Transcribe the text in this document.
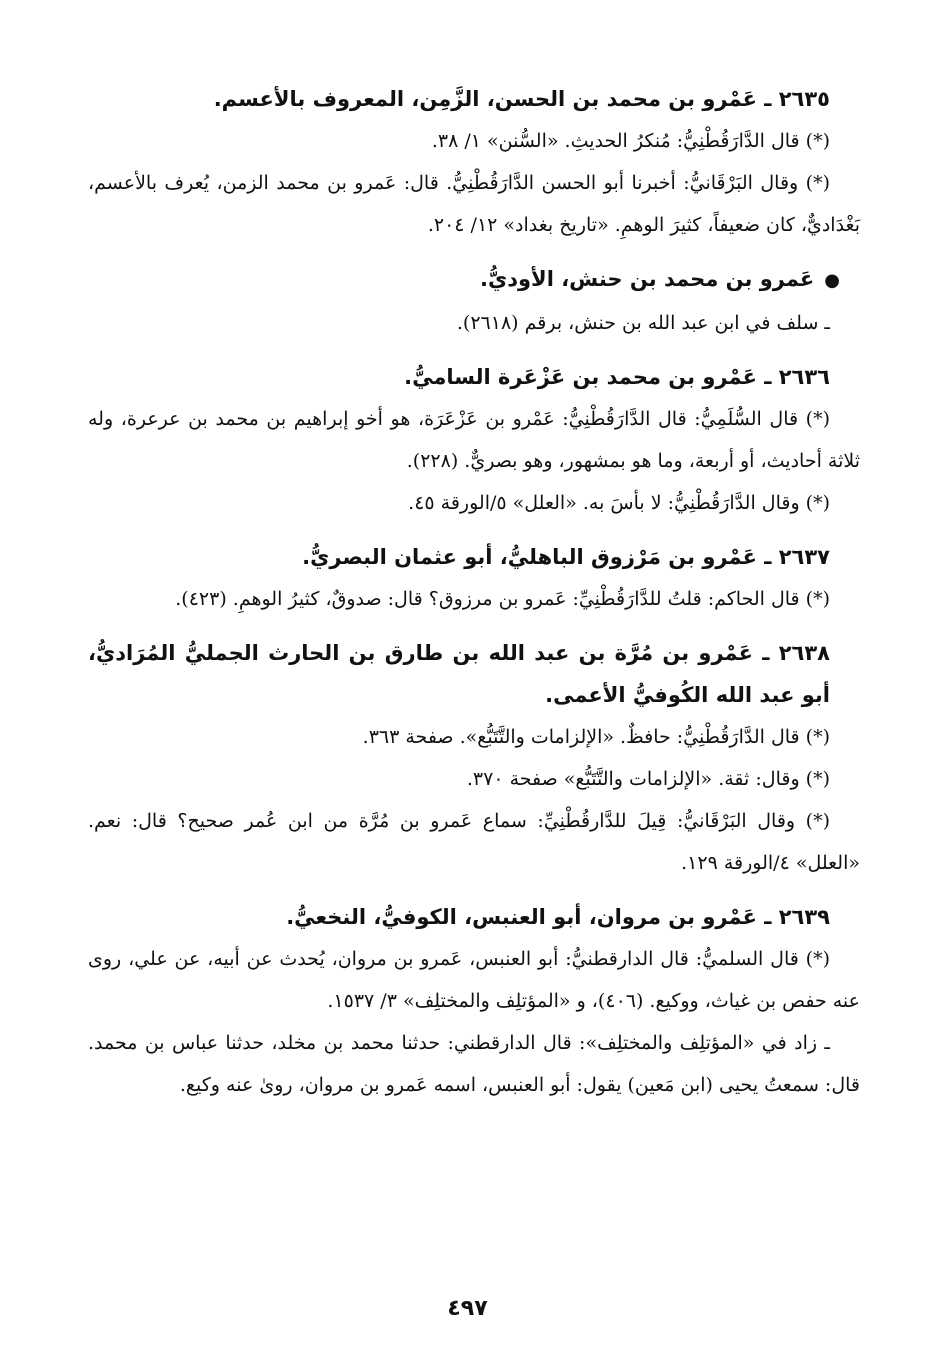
٢٦٣٥ ـ عَمْرو بن محمد بن الحسن، الزَّمِن، المعروف بالأعسم.

(*) قال الدَّارَقُطْنِيُّ: مُنكرُ الحديثِ. «السُّنن» ١/ ٣٨.

(*) وقال البَرْقَانيُّ: أخبرنا أبو الحسن الدَّارَقُطْنِيُّ. قال: عَمرو بن محمد الزمن، يُعرف بالأعسم، بَغْدَاديٌّ، كان ضعيفاً، كثيرَ الوهمِ. «تاريخ بغداد» ١٢/ ٢٠٤.

●عَمرو بن محمد بن حنش، الأوديُّ.

ـ سلف في ابن عبد الله بن حنش، برقم (٢٦١٨).

٢٦٣٦ ـ عَمْرو بن محمد بن عَزْعَرة الساميُّ.

(*) قال السُّلَمِيُّ: قال الدَّارَقُطْنِيُّ: عَمْرو بن عَزْعَرَة، هو أخو إبراهيم بن محمد بن عرعرة، وله ثلاثة أحاديث، أو أربعة، وما هو بمشهور، وهو بصريٌّ. (٢٢٨).

(*) وقال الدَّارَقُطْنِيُّ: لا بأسَ به. «العلل» ٥/الورقة ٤٥.

٢٦٣٧ ـ عَمْرو بن مَرْزوق الباهليُّ، أبو عثمان البصريُّ.

(*) قال الحاكم: قلتُ للدَّارَقُطْنِيِّ: عَمرو بن مرزوق؟ قال: صدوقٌ، كثيرُ الوهمِ. (٤٢٣).

٢٦٣٨ ـ عَمْرو بن مُرَّة بن عبد الله بن طارق بن الحارث الجمليُّ المُرَاديُّ، أبو عبد الله الكُوفيُّ الأعمى.

(*) قال الدَّارَقُطْنِيُّ: حافظٌ. «الإلزامات والتَّتَبُّع». صفحة ٣٦٣.

(*) وقال: ثقة. «الإلزامات والتَّتَبُّع» صفحة ٣٧٠.

(*) وقال البَرْقَانيُّ: قِيلَ للدَّارقُطْنِيِّ: سماع عَمرو بن مُرَّة من ابن عُمر صحيح؟ قال: نعم. «العلل» ٤/الورقة ١٢٩.

٢٦٣٩ ـ عَمْرو بن مروان، أبو العنبس، الكوفيُّ، النخعيُّ.

(*) قال السلميُّ: قال الدارقطنيُّ: أبو العنبس، عَمرو بن مروان، يُحدث عن أبيه، عن علي، روى عنه حفص بن غياث، ووكيع. (٤٠٦)، و «المؤتلِف والمختلِف» ٣/ ١٥٣٧.

ـ زاد في «المؤتلِف والمختلِف»: قال الدارقطني: حدثنا محمد بن مخلد، حدثنا عباس بن محمد. قال: سمعتُ يحيى (ابن مَعين) يقول: أبو العنبس، اسمه عَمرو بن مروان، روىٰ عنه وكيع.

٤٩٧
